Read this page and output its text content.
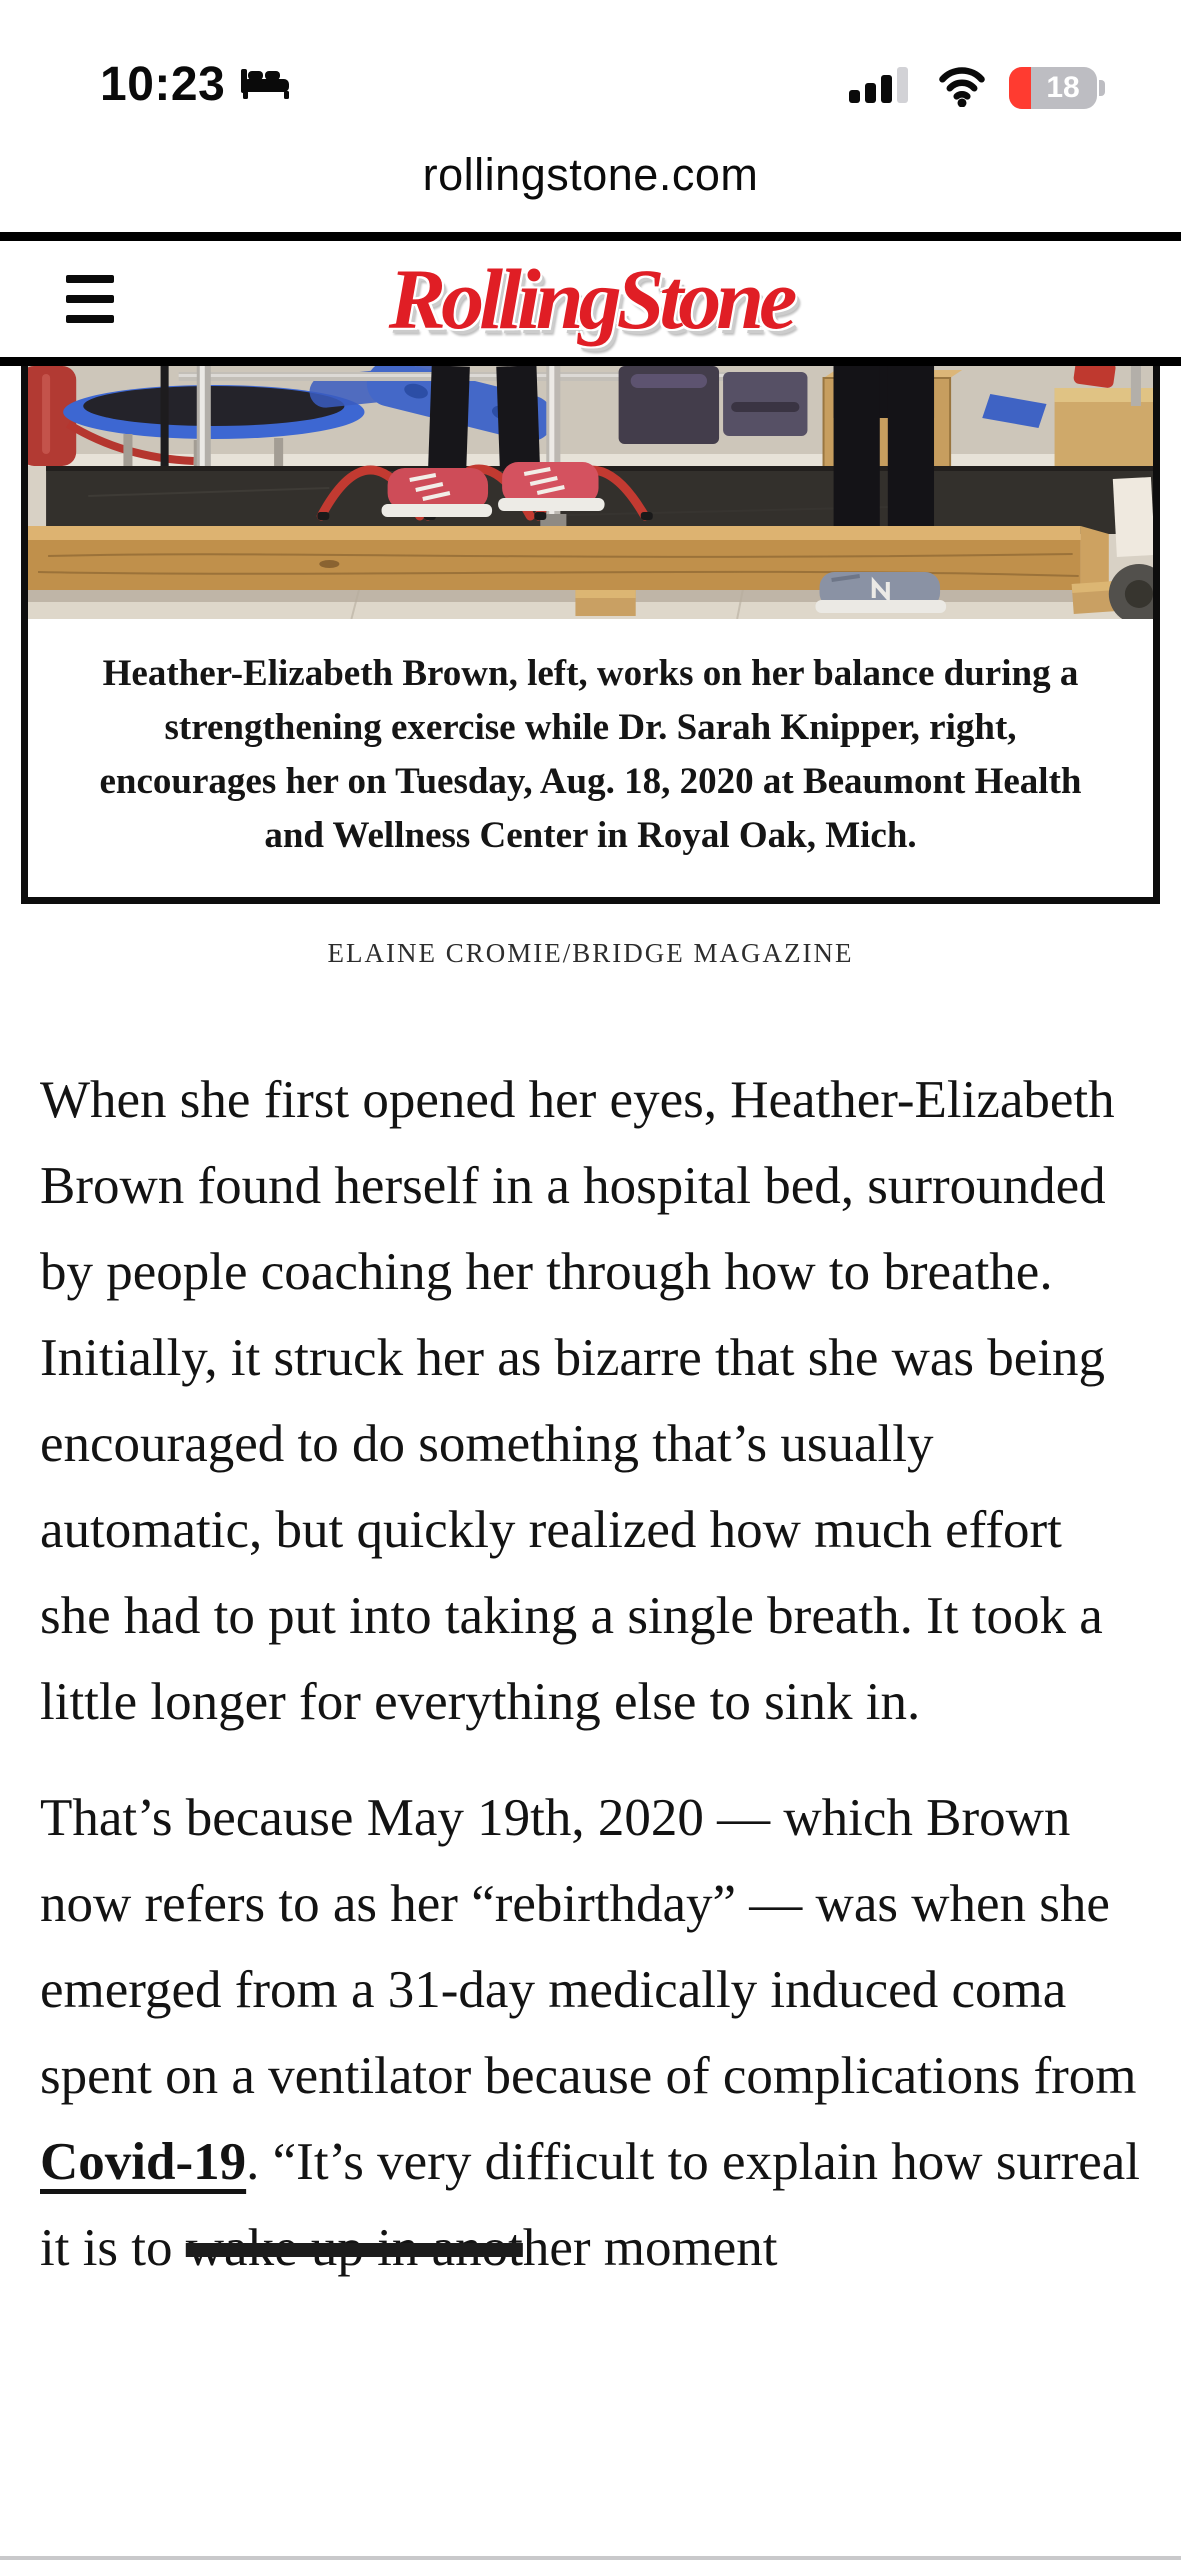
10:23	18
rollingstone.com
RollingStone
Heather-Elizabeth Brown, left, works on her balance during a strengthening exercise while Dr. Sarah Knipper, right, encourages her on Tuesday, Aug. 18, 2020 at Beaumont Health and Wellness Center in Royal Oak, Mich.
ELAINE CROMIE/BRIDGE MAGAZINE

When she first opened her eyes, Heather-Elizabeth Brown found herself in a hospital bed, surrounded by people coaching her through how to breathe. Initially, it struck her as bizarre that she was being encouraged to do something that’s usually automatic, but quickly realized how much effort she had to put into taking a single breath. It took a little longer for everything else to sink in.

That’s because May 19th, 2020 — which Brown now refers to as her “rebirthday” — was when she emerged from a 31-day medically induced coma spent on a ventilator because of complications from Covid-19. “It’s very difficult to explain how surreal it is to wake up in another moment
